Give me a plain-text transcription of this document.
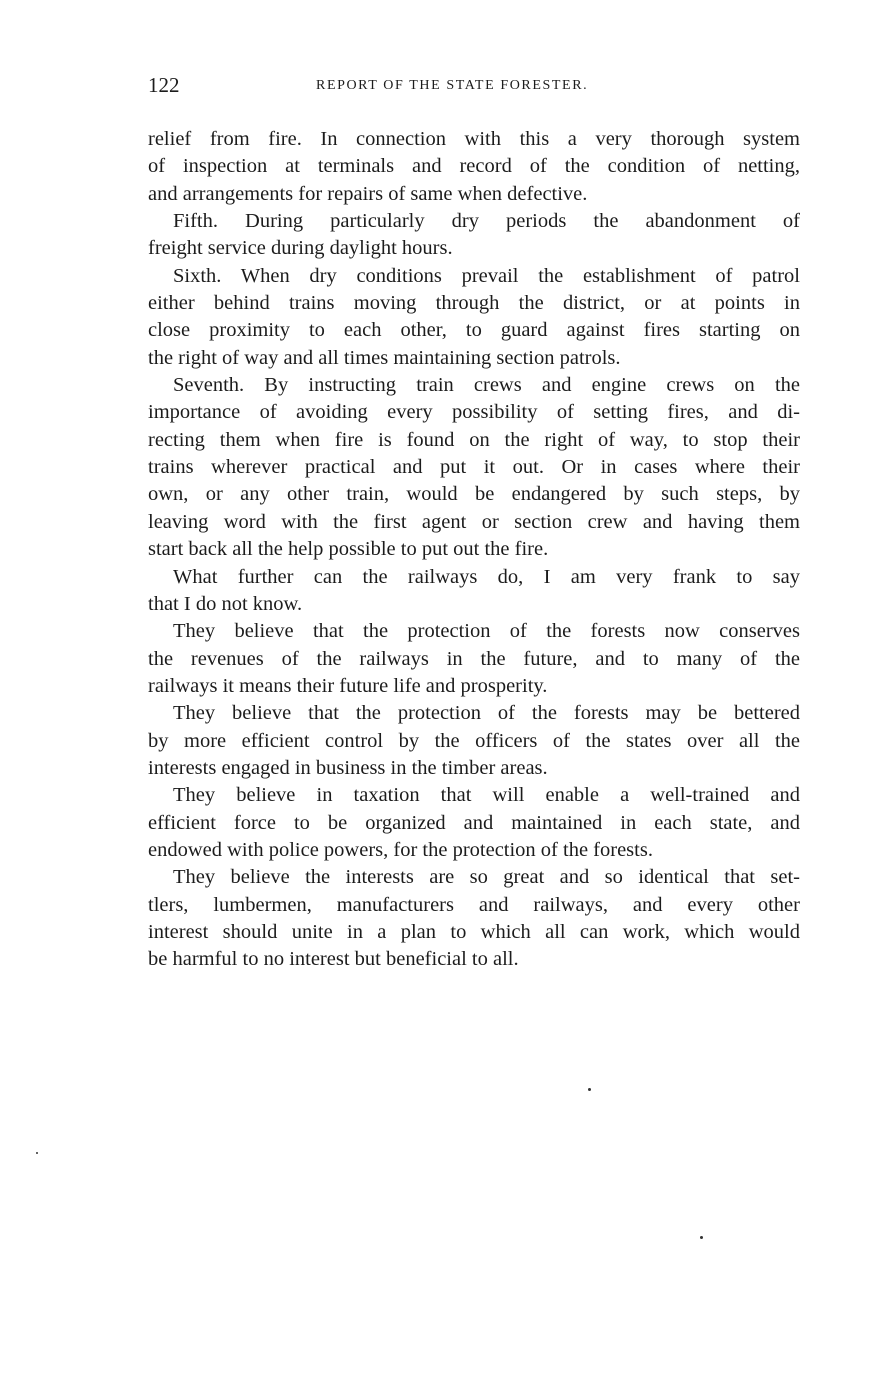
122	REPORT OF THE STATE FORESTER.
relief from fire. In connection with this a very thorough system
of inspection at terminals and record of the condition of netting,
and arrangements for repairs of same when defective.
Fifth. During particularly dry periods the abandonment of
freight service during daylight hours.
Sixth. When dry conditions prevail the establishment of patrol
either behind trains moving through the district, or at points in
close proximity to each other, to guard against fires starting on
the right of way and all times maintaining section patrols.
Seventh. By instructing train crews and engine crews on the
importance of avoiding every possibility of setting fires, and di-
recting them when fire is found on the right of way, to stop their
trains wherever practical and put it out. Or in cases where their
own, or any other train, would be endangered by such steps, by
leaving word with the first agent or section crew and having them
start back all the help possible to put out the fire.
What further can the railways do, I am very frank to say
that I do not know.
They believe that the protection of the forests now conserves
the revenues of the railways in the future, and to many of the
railways it means their future life and prosperity.
They believe that the protection of the forests may be bettered
by more efficient control by the officers of the states over all the
interests engaged in business in the timber areas.
They believe in taxation that will enable a well-trained and
efficient force to be organized and maintained in each state, and
endowed with police powers, for the protection of the forests.
They believe the interests are so great and so identical that set-
tlers, lumbermen, manufacturers and railways, and every other
interest should unite in a plan to which all can work, which would
be harmful to no interest but beneficial to all.
